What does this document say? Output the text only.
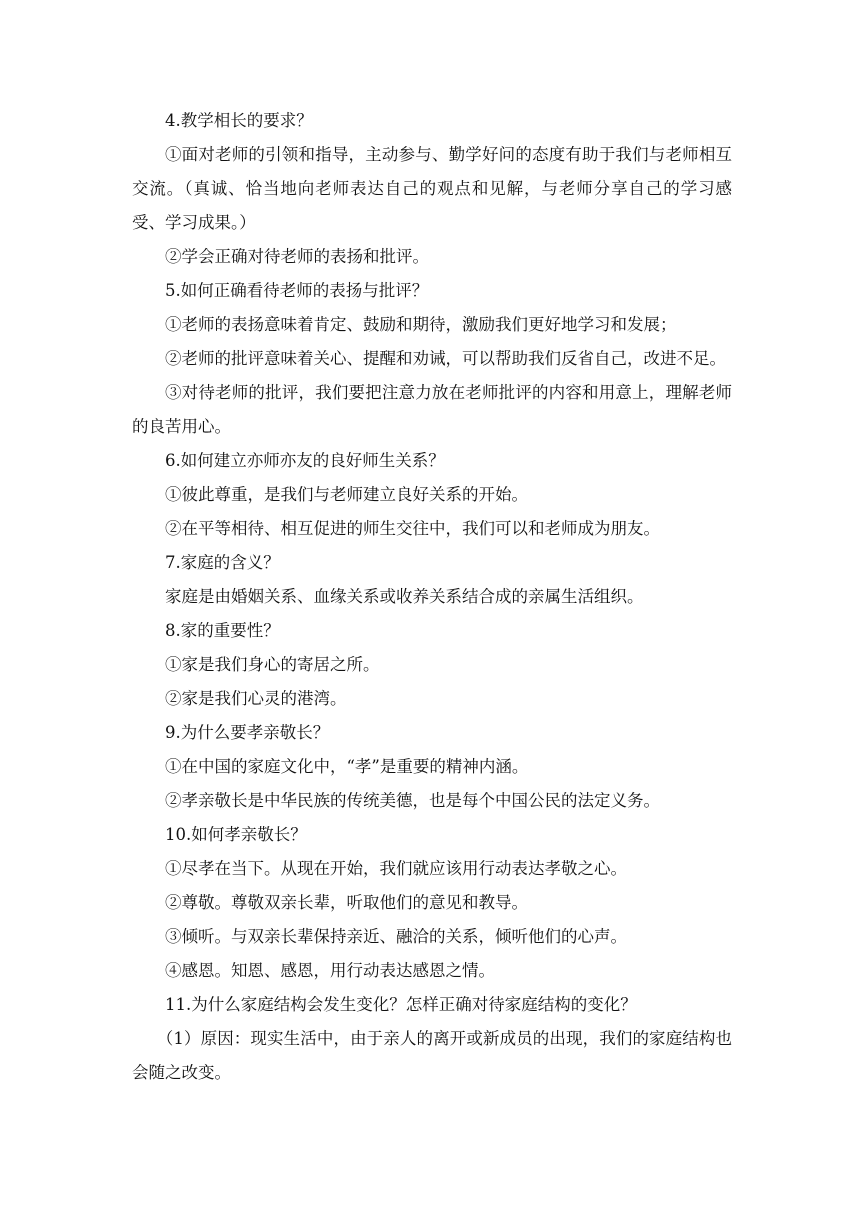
4.教学相长的要求？

①面对老师的引领和指导，主动参与、勤学好问的态度有助于我们与老师相互交流。（真诚、恰当地向老师表达自己的观点和见解，与老师分享自己的学习感受、学习成果。）

②学会正确对待老师的表扬和批评。

5.如何正确看待老师的表扬与批评？

①老师的表扬意味着肯定、鼓励和期待，激励我们更好地学习和发展；

②老师的批评意味着关心、提醒和劝诫，可以帮助我们反省自己，改进不足。

③对待老师的批评，我们要把注意力放在老师批评的内容和用意上，理解老师的良苦用心。

6.如何建立亦师亦友的良好师生关系？

①彼此尊重，是我们与老师建立良好关系的开始。

②在平等相待、相互促进的师生交往中，我们可以和老师成为朋友。

7.家庭的含义？

家庭是由婚姻关系、血缘关系或收养关系结合成的亲属生活组织。

8.家的重要性？

①家是我们身心的寄居之所。

②家是我们心灵的港湾。

9.为什么要孝亲敬长？

①在中国的家庭文化中，“孝”是重要的精神内涵。

②孝亲敬长是中华民族的传统美德，也是每个中国公民的法定义务。

10.如何孝亲敬长？

①尽孝在当下。从现在开始，我们就应该用行动表达孝敬之心。

②尊敬。尊敬双亲长辈，听取他们的意见和教导。

③倾听。与双亲长辈保持亲近、融洽的关系，倾听他们的心声。

④感恩。知恩、感恩，用行动表达感恩之情。

11.为什么家庭结构会发生变化？怎样正确对待家庭结构的变化？

（1）原因：现实生活中，由于亲人的离开或新成员的出现，我们的家庭结构也会随之改变。
